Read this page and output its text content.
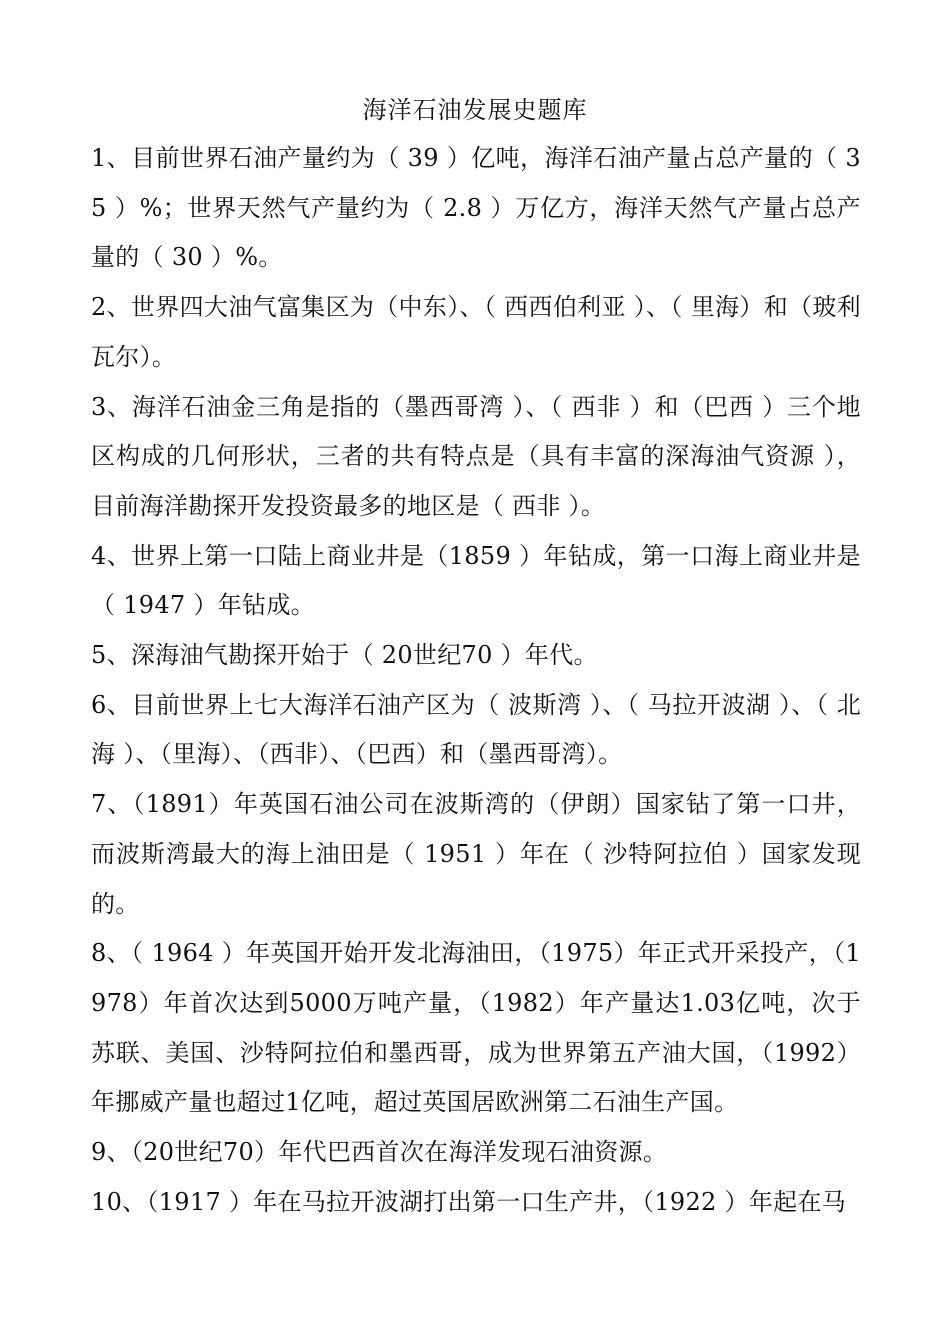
海洋石油发展史题库

1、目前世界石油产量约为（ 39 ）亿吨，海洋石油产量占总产量的（ 35 ）%；世界天然气产量约为（ 2.8 ）万亿方，海洋天然气产量占总产量的（ 30 ）%。

2、世界四大油气富集区为（中东）、（ 西西伯利亚 ）、（ 里海）和（玻利瓦尔）。

3、海洋石油金三角是指的（墨西哥湾 ）、（ 西非 ）和（巴西 ）三个地区构成的几何形状，三者的共有特点是（具有丰富的深海油气资源 ），目前海洋勘探开发投资最多的地区是（ 西非 ）。

4、世界上第一口陆上商业井是（1859 ）年钻成，第一口海上商业井是（ 1947 ）年钻成。

5、深海油气勘探开始于（ 20世纪70 ）年代。

6、目前世界上七大海洋石油产区为（ 波斯湾 ）、（ 马拉开波湖 ）、（ 北海 ）、（里海）、（西非）、（巴西）和（墨西哥湾）。

7、（1891）年英国石油公司在波斯湾的（伊朗）国家钻了第一口井，而波斯湾最大的海上油田是（ 1951 ）年在（ 沙特阿拉伯 ）国家发现的。

8、（ 1964 ）年英国开始开发北海油田，（1975）年正式开采投产，（1978）年首次达到5000万吨产量，（1982）年产量达1.03亿吨，次于苏联、美国、沙特阿拉伯和墨西哥，成为世界第五产油大国，（1992）年挪威产量也超过1亿吨，超过英国居欧洲第二石油生产国。

9、（20世纪70）年代巴西首次在海洋发现石油资源。

10、（1917 ）年在马拉开波湖打出第一口生产井，（1922 ）年起在马
